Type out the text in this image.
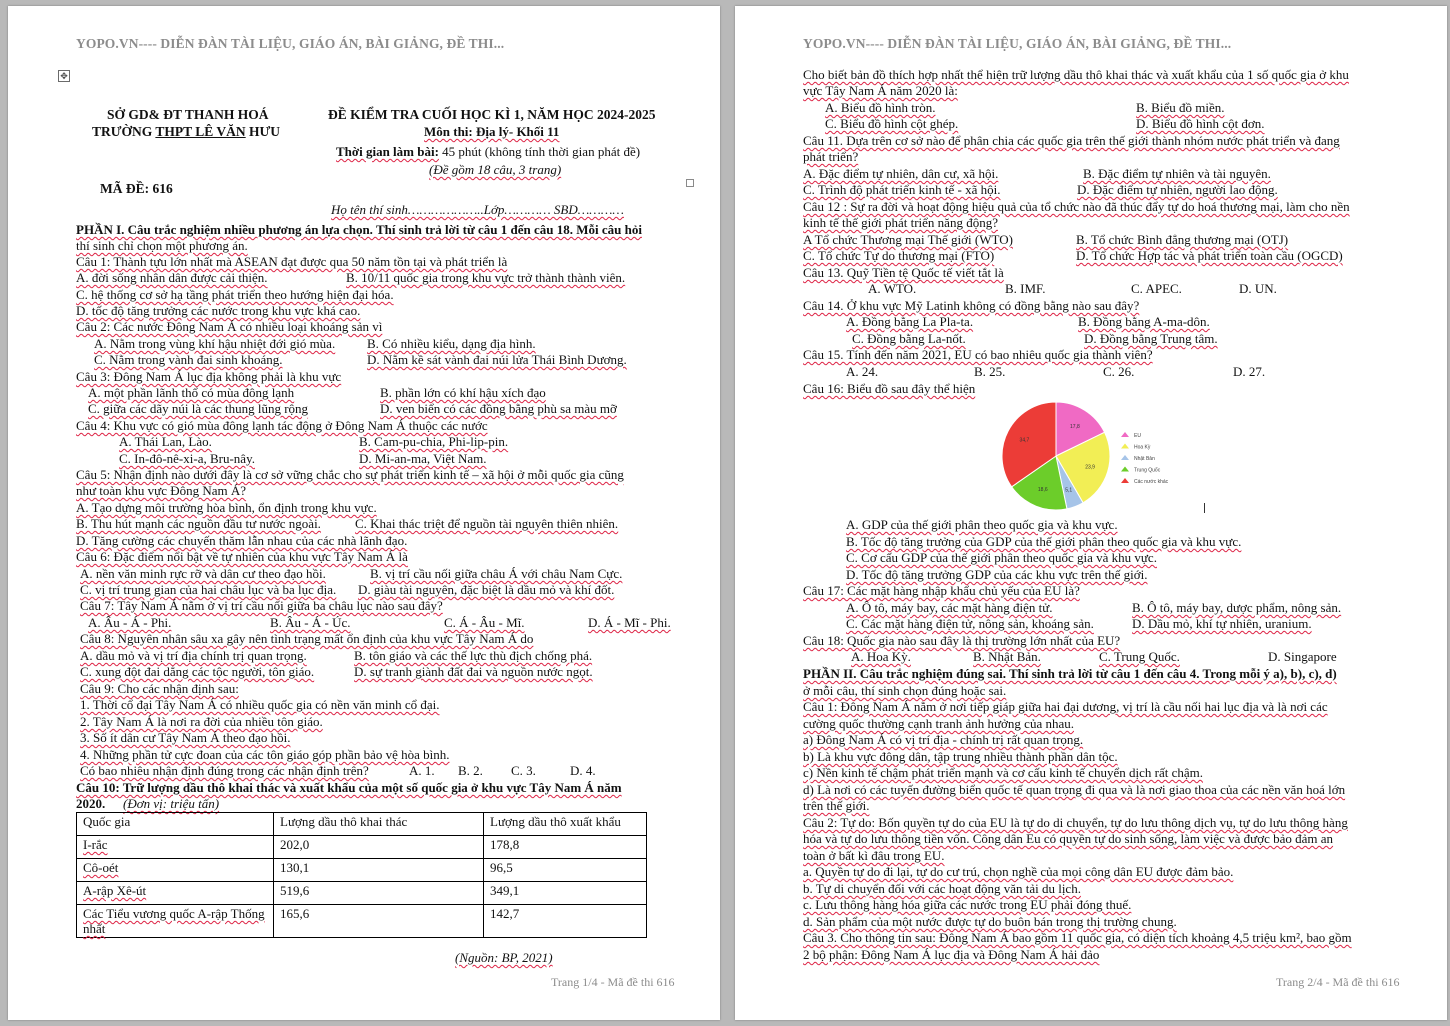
YOPO.VN---- DIỄN ĐÀN TÀI LIỆU, GIÁO ÁN, BÀI GIẢNG, ĐỀ THI...
✥
SỞ GD& ĐT THANH HOÁ
TRƯỜNG THPT LÊ VĂN HƯU
ĐỀ KIỂM TRA CUỐI HỌC KÌ 1, NĂM HỌC 2024-2025
Môn thi: Địa lý- Khối 11
Thời gian làm bài: 45 phút (không tính thời gian phát đề)
(Đề gồm 18 câu, 3 trang)
MÃ ĐỀ: 616
Họ tên thí sinh………………..Lớp………… SBD…………
PHẦN I. Câu trắc nghiệm nhiều phương án lựa chọn. Thí sinh trả lời từ câu 1 đến câu 18. Mỗi câu hỏi
thí sinh chỉ chọn một phương án.
Câu 1: Thành tựu lớn nhất mà ASEAN đạt được qua 50 năm tồn tại và phát triển là
A. đời sống nhân dân được cải thiện.	B. 10/11 quốc gia trong khu vực trở thành thành viên.
C. hệ thống cơ sở hạ tầng phát triển theo hướng hiện đại hóa.
D. tốc độ tăng trưởng các nước trong khu vực khá cao.
Câu 2: Các nước Đông Nam Á có nhiều loại khoáng sản vì
A. Nằm trong vùng khí hậu nhiệt đới gió mùa. B. Có nhiều kiểu, dạng địa hình.
C. Nằm trong vành đai sinh khoáng.	D. Nằm kề sát vành đai núi lửa Thái Bình Dương.
Câu 3: Đông Nam Á lục địa không phải là khu vực
A. một phần lãnh thổ có mùa đông lạnh	B. phần lớn có khí hậu xích đạo
C. giữa các dãy núi là các thung lũng rộng	D. ven biển có các đồng bằng phù sa màu mỡ
Câu 4: Khu vực có gió mùa đông lạnh tác động ở Đông Nam Á thuộc các nước
A. Thái Lan, Lào.	B. Cam-pu-chia, Phi-lip-pin.
C. In-đô-nê-xi-a, Bru-nây.	D. Mi-an-ma, Việt Nam.
Câu 5: Nhận định nào dưới đây là cơ sở vững chắc cho sự phát triển kinh tế – xã hội ở mỗi quốc gia cũng
như toàn khu vực Đông Nam Á?
A. Tạo dựng môi trường hòa bình, ổn định trong khu vực.
B. Thu hút mạnh các nguồn đầu tư nước ngoài.	C. Khai thác triệt để nguồn tài nguyên thiên nhiên.
D. Tăng cường các chuyến thăm lẫn nhau của các nhà lãnh đạo.
Câu 6: Đặc điểm nổi bật về tự nhiên của khu vực Tây Nam Á là
A. nền văn minh rực rỡ và dân cư theo đạo hồi.	B. vị trí cầu nối giữa châu Á với châu Nam Cực.
C. vị trí trung gian của hai châu lục và ba lục địa. D. giàu tài nguyên, đặc biệt là dầu mỏ và khí đốt.
Câu 7: Tây Nam Á nằm ở vị trí cầu nối giữa ba châu lục nào sau đây?
A. Âu - Á - Phi.	B. Âu - Á - Úc.	C. Á - Âu - Mĩ.	D. Á - Mĩ - Phi.
Câu 8: Nguyên nhân sâu xa gây nên tình trạng mất ổn định của khu vực Tây Nam Á do
A. dầu mỏ và vị trí địa chính trị quan trọng.	B. tôn giáo và các thế lực thù địch chống phá.
C. xung đột đai dẳng các tộc người, tôn giáo.	D. sự tranh giành đất đai và nguồn nước ngọt.
Câu 9: Cho các nhận định sau:
1. Thời cổ đại Tây Nam Á có nhiều quốc gia có nền văn minh cổ đại.
2. Tây Nam Á là nơi ra đời của nhiều tôn giáo.
3. Số ít dân cư Tây Nam Á theo đạo hồi.
4. Những phần tử cực đoan của các tôn giáo góp phần bảo vệ hòa bình.
Có bao nhiêu nhận định đúng trong các nhận định trên?	A. 1. B. 2. C. 3.	D. 4.
Câu 10: Trữ lượng dầu thô khai thác và xuất khẩu của một số quốc gia ở khu vực Tây Nam Á năm
2020. (Đơn vị: triệu tấn)
Quốc gia	Lượng dầu thô khai thác	Lượng dầu thô xuất khẩu
I-rắc	202,0	178,8
Cô-oét	130,1	96,5
A-rập Xê-út	519,6	349,1
Các Tiểu vương quốc A-rập Thống nhất	165,6	142,7
(Nguồn: BP, 2021)
Trang 1/4 - Mã đề thi 616
YOPO.VN---- DIỄN ĐÀN TÀI LIỆU, GIÁO ÁN, BÀI GIẢNG, ĐỀ THI...
Cho biết bản đồ thích hợp nhất thể hiện trữ lượng dầu thô khai thác và xuất khẩu của 1 số quốc gia ở khu
vực Tây Nam Á năm 2020 là:
A. Biểu đồ hình tròn.	B. Biểu đồ miền.
C. Biểu đồ hình cột ghép.	D. Biểu đồ hình cột đơn.
Câu 11. Dựa trên cơ sở nào để phân chia các quốc gia trên thế giới thành nhóm nước phát triển và đang
phát triển?
A. Đặc điểm tự nhiên, dân cư, xã hội.	B. Đặc điểm tự nhiên và tài nguyên.
C. Trình độ phát triển kinh tế - xã hội.	D. Đặc điểm tự nhiên, người lao động.
Câu 12 : Sự ra đời và hoạt động hiệu quả của tổ chức nào đã thúc đẩy tự do hoá thương mại, làm cho nền
kinh tế thế giới phát triển năng động?
A Tổ chức Thương mại Thế giới (WTO)	B. Tổ chức Bình đẳng thương mại (OTJ)
C. Tổ chức Tự do thương mại (FTO)	D. Tổ chức Hợp tác và phát triển toàn cầu (OGCD)
Câu 13. Quỹ Tiền tệ Quốc tế viết tắt là
A. WTO.	B. IMF.	C. APEC.	D. UN.
Câu 14. Ở khu vực Mỹ Latinh không có đồng bằng nào sau đây?
A. Đồng bằng La Pla-ta.	B. Đồng bằng A-ma-dôn.
C. Đồng bằng La-nốt.	D. Đồng bằng Trung tâm.
Câu 15. Tính đến năm 2021, EU có bao nhiêu quốc gia thành viên?
A. 24.	B. 25.	C. 26.	D. 27.
Câu 16: Biểu đồ sau đây thể hiện
A. GDP của thế giới phân theo quốc gia và khu vực.
B. Tốc độ tăng trưởng của GDP của thế giới phân theo quốc gia và khu vực.
C. Cơ cấu GDP của thế giới phân theo quốc gia và khu vực.
D. Tốc độ tăng trưởng GDP của các khu vực trên thế giới.
Câu 17: Các mặt hàng nhập khẩu chủ yếu của EU là?
A. Ô tô, máy bay, các mặt hàng điện tử.	B. Ô tô, máy bay, dược phẩm, nông sản.
C. Các mặt hàng điện tử, nông sản, khoáng sản.	D. Dầu mỏ, khí tự nhiên, uranium.
Câu 18: Quốc gia nào sau đây là thị trường lớn nhất của EU?
A. Hoa Kỳ.	B. Nhật Bản.	C. Trung Quốc.	D. Singapore
PHẦN II. Câu trắc nghiệm đúng sai. Thí sinh trả lời từ câu 1 đến câu 4. Trong mỗi ý a), b), c), d)
ở mỗi câu, thí sinh chọn đúng hoặc sai.
Câu 1: Đông Nam Á nằm ở nơi tiếp giáp giữa hai đại dương, vị trí là cầu nối hai lục địa và là nơi các
cường quốc thường cạnh tranh ảnh hưởng của nhau.
a) Đông Nam Á có vị trí địa - chính trị rất quan trọng.
b) Là khu vực đông dân, tập trung nhiều thành phần dân tộc.
c) Nền kinh tế chậm phát triển mạnh và cơ cấu kinh tế chuyển dịch rất chậm.
d) Là nơi có các tuyến đường biển quốc tế quan trọng đi qua và là nơi giao thoa của các nền văn hoá lớn
trên thế giới.
Câu 2: Tự do: Bốn quyền tự do của EU là tự do di chuyển, tự do lưu thông dịch vụ, tự do lưu thông hàng
hóa và tự do lưu thông tiền vốn. Công dân Eu có quyền tự do sinh sống, làm việc và được bảo đảm an
toàn ở bất kì đâu trong EU.
a. Quyền tự do đi lại, tự do cư trú, chọn nghề của mọi công dân EU được đảm bảo.
b. Tự di chuyển đối với các hoạt động văn tải du lịch.
c. Lưu thông hàng hóa giữa các nước trong EU phải đóng thuế.
d. Sản phẩm của một nước được tự do buôn bán trong thị trường chung.
Câu 3. Cho thông tin sau: Đông Nam Á bao gồm 11 quốc gia, có diện tích khoảng 4,5 triệu km², bao gồm
2 bộ phận: Đông Nam Á lục địa và Đông Nam Á hải đảo
17,8
23,9
5,1
18,6
34,7
EU
Hoa Kỳ
Nhật Bản
Trung Quốc
Các nước khác
Trang 2/4 - Mã đề thi 616
